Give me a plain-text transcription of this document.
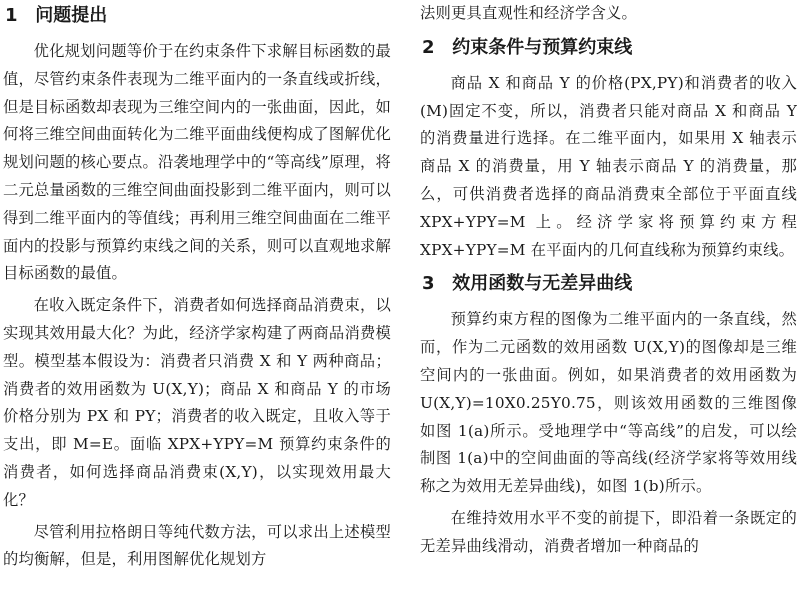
1 问题提出

优化规划问题等价于在约束条件下求解目标函数的最值，尽管约束条件表现为二维平面内的一条直线或折线，但是目标函数却表现为三维空间内的一张曲面，因此，如何将三维空间曲面转化为二维平面曲线便构成了图解优化规划问题的核心要点。沿袭地理学中的“等高线”原理，将二元总量函数的三维空间曲面投影到二维平面内，则可以得到二维平面内的等值线；再利用三维空间曲面在二维平面内的投影与预算约束线之间的关系，则可以直观地求解目标函数的最值。

在收入既定条件下，消费者如何选择商品消费束，以实现其效用最大化？为此，经济学家构建了两商品消费模型。模型基本假设为：消费者只消费 X 和 Y 两种商品；消费者的效用函数为 U(X,Y)；商品 X 和商品 Y 的市场价格分别为 PX 和 PY；消费者的收入既定，且收入等于支出，即 M=E。面临 XPX+YPY=M 预算约束条件的消费者，如何选择商品消费束(X,Y)，以实现效用最大化？

尽管利用拉格朗日等纯代数方法，可以求出上述模型的均衡解，但是，利用图解优化规划方

法则更具直观性和经济学含义。

2 约束条件与预算约束线

商品 X 和商品 Y 的价格(PX,PY)和消费者的收入(M)固定不变，所以，消费者只能对商品 X 和商品 Y 的消费量进行选择。在二维平面内，如果用 X 轴表示商品 X 的消费量，用 Y 轴表示商品 Y 的消费量，那么，可供消费者选择的商品消费束全部位于平面直线 XPX+YPY=M 上。经济学家将预算约束方程 XPX+YPY=M 在平面内的几何直线称为预算约束线。

3 效用函数与无差异曲线

预算约束方程的图像为二维平面内的一条直线，然而，作为二元函数的效用函数 U(X,Y)的图像却是三维空间内的一张曲面。例如，如果消费者的效用函数为 U(X,Y)=10X0.25Y0.75，则该效用函数的三维图像如图 1(a)所示。受地理学中“等高线”的启发，可以绘制图 1(a)中的空间曲面的等高线(经济学家将等效用线称之为效用无差异曲线)，如图 1(b)所示。

在维持效用水平不变的前提下，即沿着一条既定的无差异曲线滑动，消费者增加一种商品的
